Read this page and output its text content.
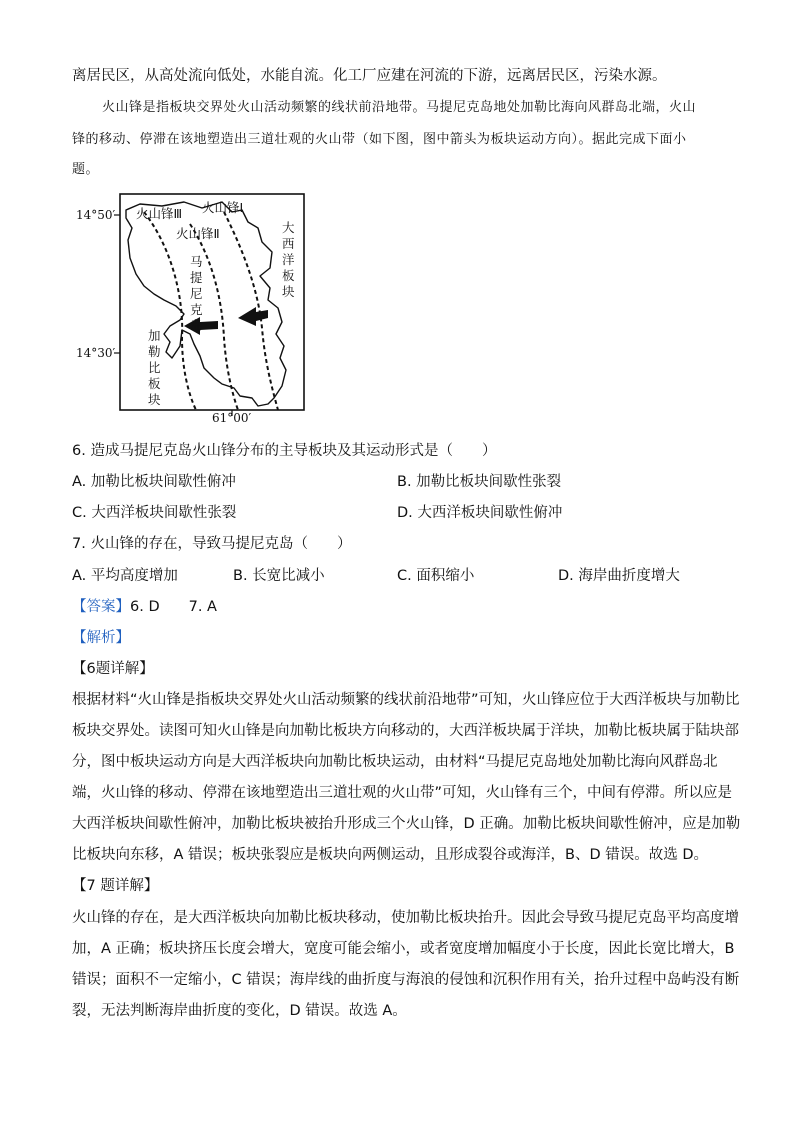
离居民区，从高处流向低处，水能自流。化工厂应建在河流的下游，远离居民区，污染水源。
火山锋是指板块交界处火山活动频繁的线状前沿地带。马提尼克岛地处加勒比海向风群岛北端，火山
锋的移动、停滞在该地塑造出三道壮观的火山带（如下图，图中箭头为板块运动方向）。据此完成下面小
题。
14°50′
14°30′
61°00′
火山锋Ⅰ
火山锋Ⅱ
火山锋Ⅲ
马
提
尼
克
岛
大
西
洋
板
块
加
勒
比
板
块
6. 造成马提尼克岛火山锋分布的主导板块及其运动形式是（　　）
A. 加勒比板块间歇性俯冲	B. 加勒比板块间歇性张裂
C. 大西洋板块间歇性张裂	D. 大西洋板块间歇性俯冲
7. 火山锋的存在，导致马提尼克岛（　　）
A. 平均高度增加	B. 长宽比减小	C. 面积缩小	D. 海岸曲折度增大
【答案】6. D　　7. A
【解析】
【6题详解】
根据材料“火山锋是指板块交界处火山活动频繁的线状前沿地带”可知，火山锋应位于大西洋板块与加勒比
板块交界处。读图可知火山锋是向加勒比板块方向移动的，大西洋板块属于洋块，加勒比板块属于陆块部
分，图中板块运动方向是大西洋板块向加勒比板块运动，由材料“马提尼克岛地处加勒比海向风群岛北
端，火山锋的移动、停滞在该地塑造出三道壮观的火山带”可知，火山锋有三个，中间有停滞。所以应是
大西洋板块间歇性俯冲，加勒比板块被抬升形成三个火山锋，D 正确。加勒比板块间歇性俯冲，应是加勒
比板块向东移，A 错误；板块张裂应是板块向两侧运动，且形成裂谷或海洋，B、D 错误。故选 D。
【7 题详解】
火山锋的存在，是大西洋板块向加勒比板块移动，使加勒比板块抬升。因此会导致马提尼克岛平均高度增
加，A 正确；板块挤压长度会增大，宽度可能会缩小，或者宽度增加幅度小于长度，因此长宽比增大，B
错误；面积不一定缩小，C 错误；海岸线的曲折度与海浪的侵蚀和沉积作用有关，抬升过程中岛屿没有断
裂，无法判断海岸曲折度的变化，D 错误。故选 A。
